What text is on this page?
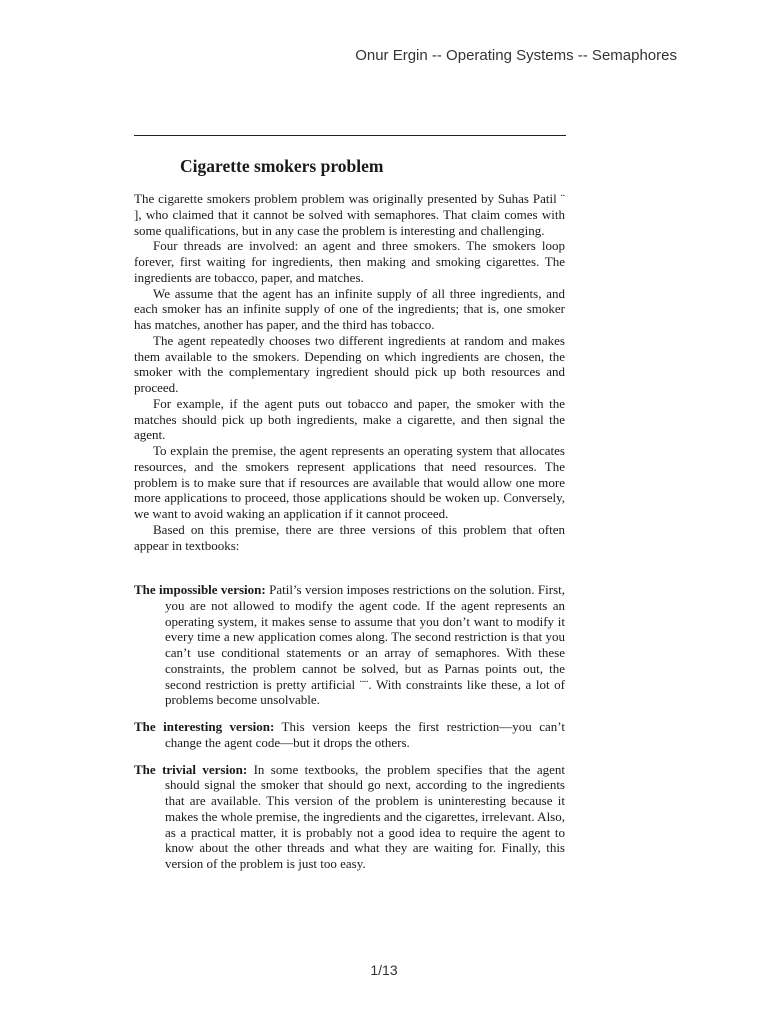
Onur Ergin -- Operating Systems -- Semaphores
Cigarette smokers problem

The cigarette smokers problem problem was originally presented by Suhas Patil ¨ ], who claimed that it cannot be solved with semaphores. That claim comes with some qualifications, but in any case the problem is interesting and challenging.

Four threads are involved: an agent and three smokers. The smokers loop forever, first waiting for ingredients, then making and smoking cigarettes. The ingredients are tobacco, paper, and matches.

We assume that the agent has an infinite supply of all three ingredients, and each smoker has an infinite supply of one of the ingredients; that is, one smoker has matches, another has paper, and the third has tobacco.

The agent repeatedly chooses two different ingredients at random and makes them available to the smokers. Depending on which ingredients are chosen, the smoker with the complementary ingredient should pick up both resources and proceed.

For example, if the agent puts out tobacco and paper, the smoker with the matches should pick up both ingredients, make a cigarette, and then signal the agent.

To explain the premise, the agent represents an operating system that allocates resources, and the smokers represent applications that need resources. The problem is to make sure that if resources are available that would allow one more more applications to proceed, those applications should be woken up. Conversely, we want to avoid waking an application if it cannot proceed.

Based on this premise, there are three versions of this problem that often appear in textbooks:

The impossible version: Patil’s version imposes restrictions on the solution. First, you are not allowed to modify the agent code. If the agent represents an operating system, it makes sense to assume that you don’t want to modify it every time a new application comes along. The second restriction is that you can’t use conditional statements or an array of semaphores. With these constraints, the problem cannot be solved, but as Parnas points out, the second restriction is pretty artificial ¨¨. With constraints like these, a lot of problems become unsolvable.

The interesting version: This version keeps the first restriction—you can’t change the agent code—but it drops the others.

The trivial version: In some textbooks, the problem specifies that the agent should signal the smoker that should go next, according to the ingredients that are available. This version of the problem is uninteresting because it makes the whole premise, the ingredients and the cigarettes, irrelevant. Also, as a practical matter, it is probably not a good idea to require the agent to know about the other threads and what they are waiting for. Finally, this version of the problem is just too easy.

1/13
